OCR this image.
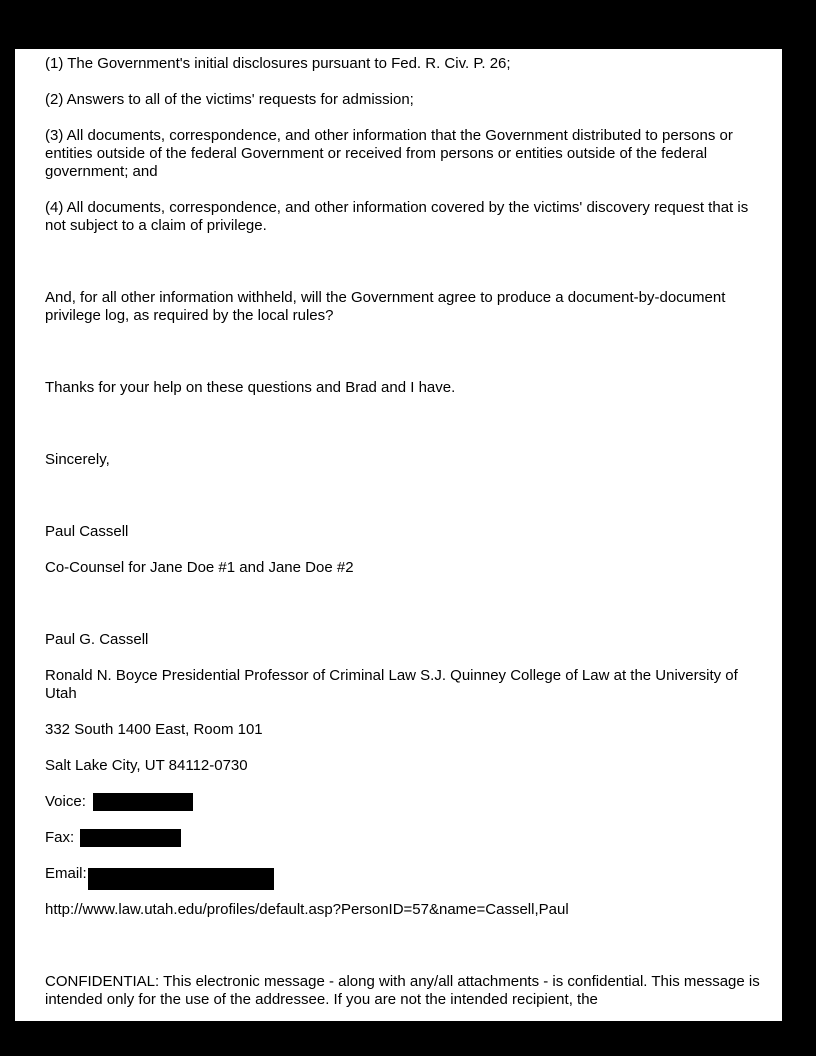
(1) The Government's initial disclosures pursuant to Fed. R. Civ. P. 26;

(2) Answers to all of the victims' requests for admission;

(3) All documents, correspondence, and other information that the Government distributed to persons or entities outside of the federal Government or received from persons or entities outside of the federal government; and

(4) All documents, correspondence, and other information covered by the victims' discovery request that is not subject to a claim of privilege.

And, for all other information withheld, will the Government agree to produce a document-by-document privilege log, as required by the local rules?

Thanks for your help on these questions and Brad and I have.

Sincerely,

Paul Cassell

Co-Counsel for Jane Doe #1 and Jane Doe #2

Paul G. Cassell

Ronald N. Boyce Presidential Professor of Criminal Law S.J. Quinney College of Law at the University of Utah

332 South 1400 East, Room 101

Salt Lake City, UT 84112-0730

Voice:

Fax:

Email:

http://www.law.utah.edu/profiles/default.asp?PersonID=57&name=Cassell,Paul

CONFIDENTIAL: This electronic message - along with any/all attachments - is confidential. This message is intended only for the use of the addressee. If you are not the intended recipient, the
